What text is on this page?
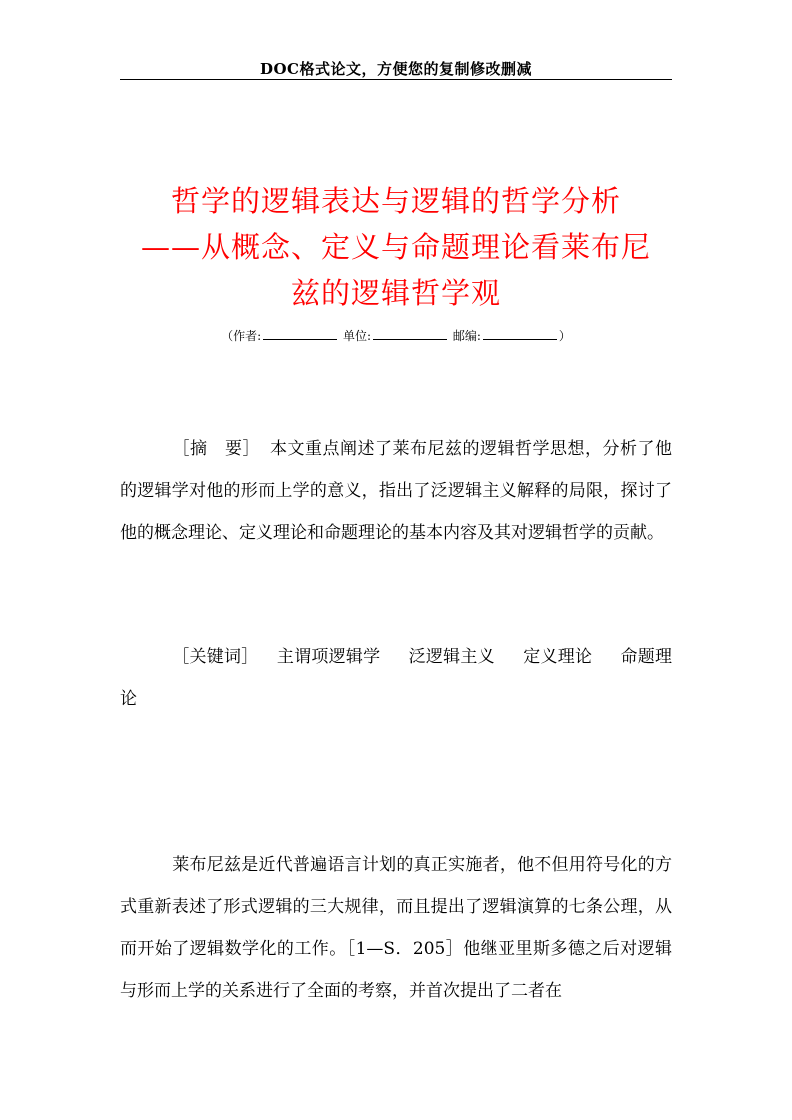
DOC格式论文，方便您的复制修改删减
哲学的逻辑表达与逻辑的哲学分析
——从概念、定义与命题理论看莱布尼
兹的逻辑哲学观
（作者:	单位:	邮编:	）
［摘　要］ 本文重点阐述了莱布尼兹的逻辑哲学思想，分析了他的逻辑学对他的形而上学的意义，指出了泛逻辑主义解释的局限，探讨了他的概念理论、定义理论和命题理论的基本内容及其对逻辑哲学的贡献。
［关键词］ 主谓项逻辑学 泛逻辑主义 定义理论 命题理论
莱布尼兹是近代普遍语言计划的真正实施者，他不但用符号化的方式重新表述了形式逻辑的三大规律，而且提出了逻辑演算的七条公理，从而开始了逻辑数学化的工作。［1—S．205］他继亚里斯多德之后对逻辑与形而上学的关系进行了全面的考察，并首次提出了二者在
